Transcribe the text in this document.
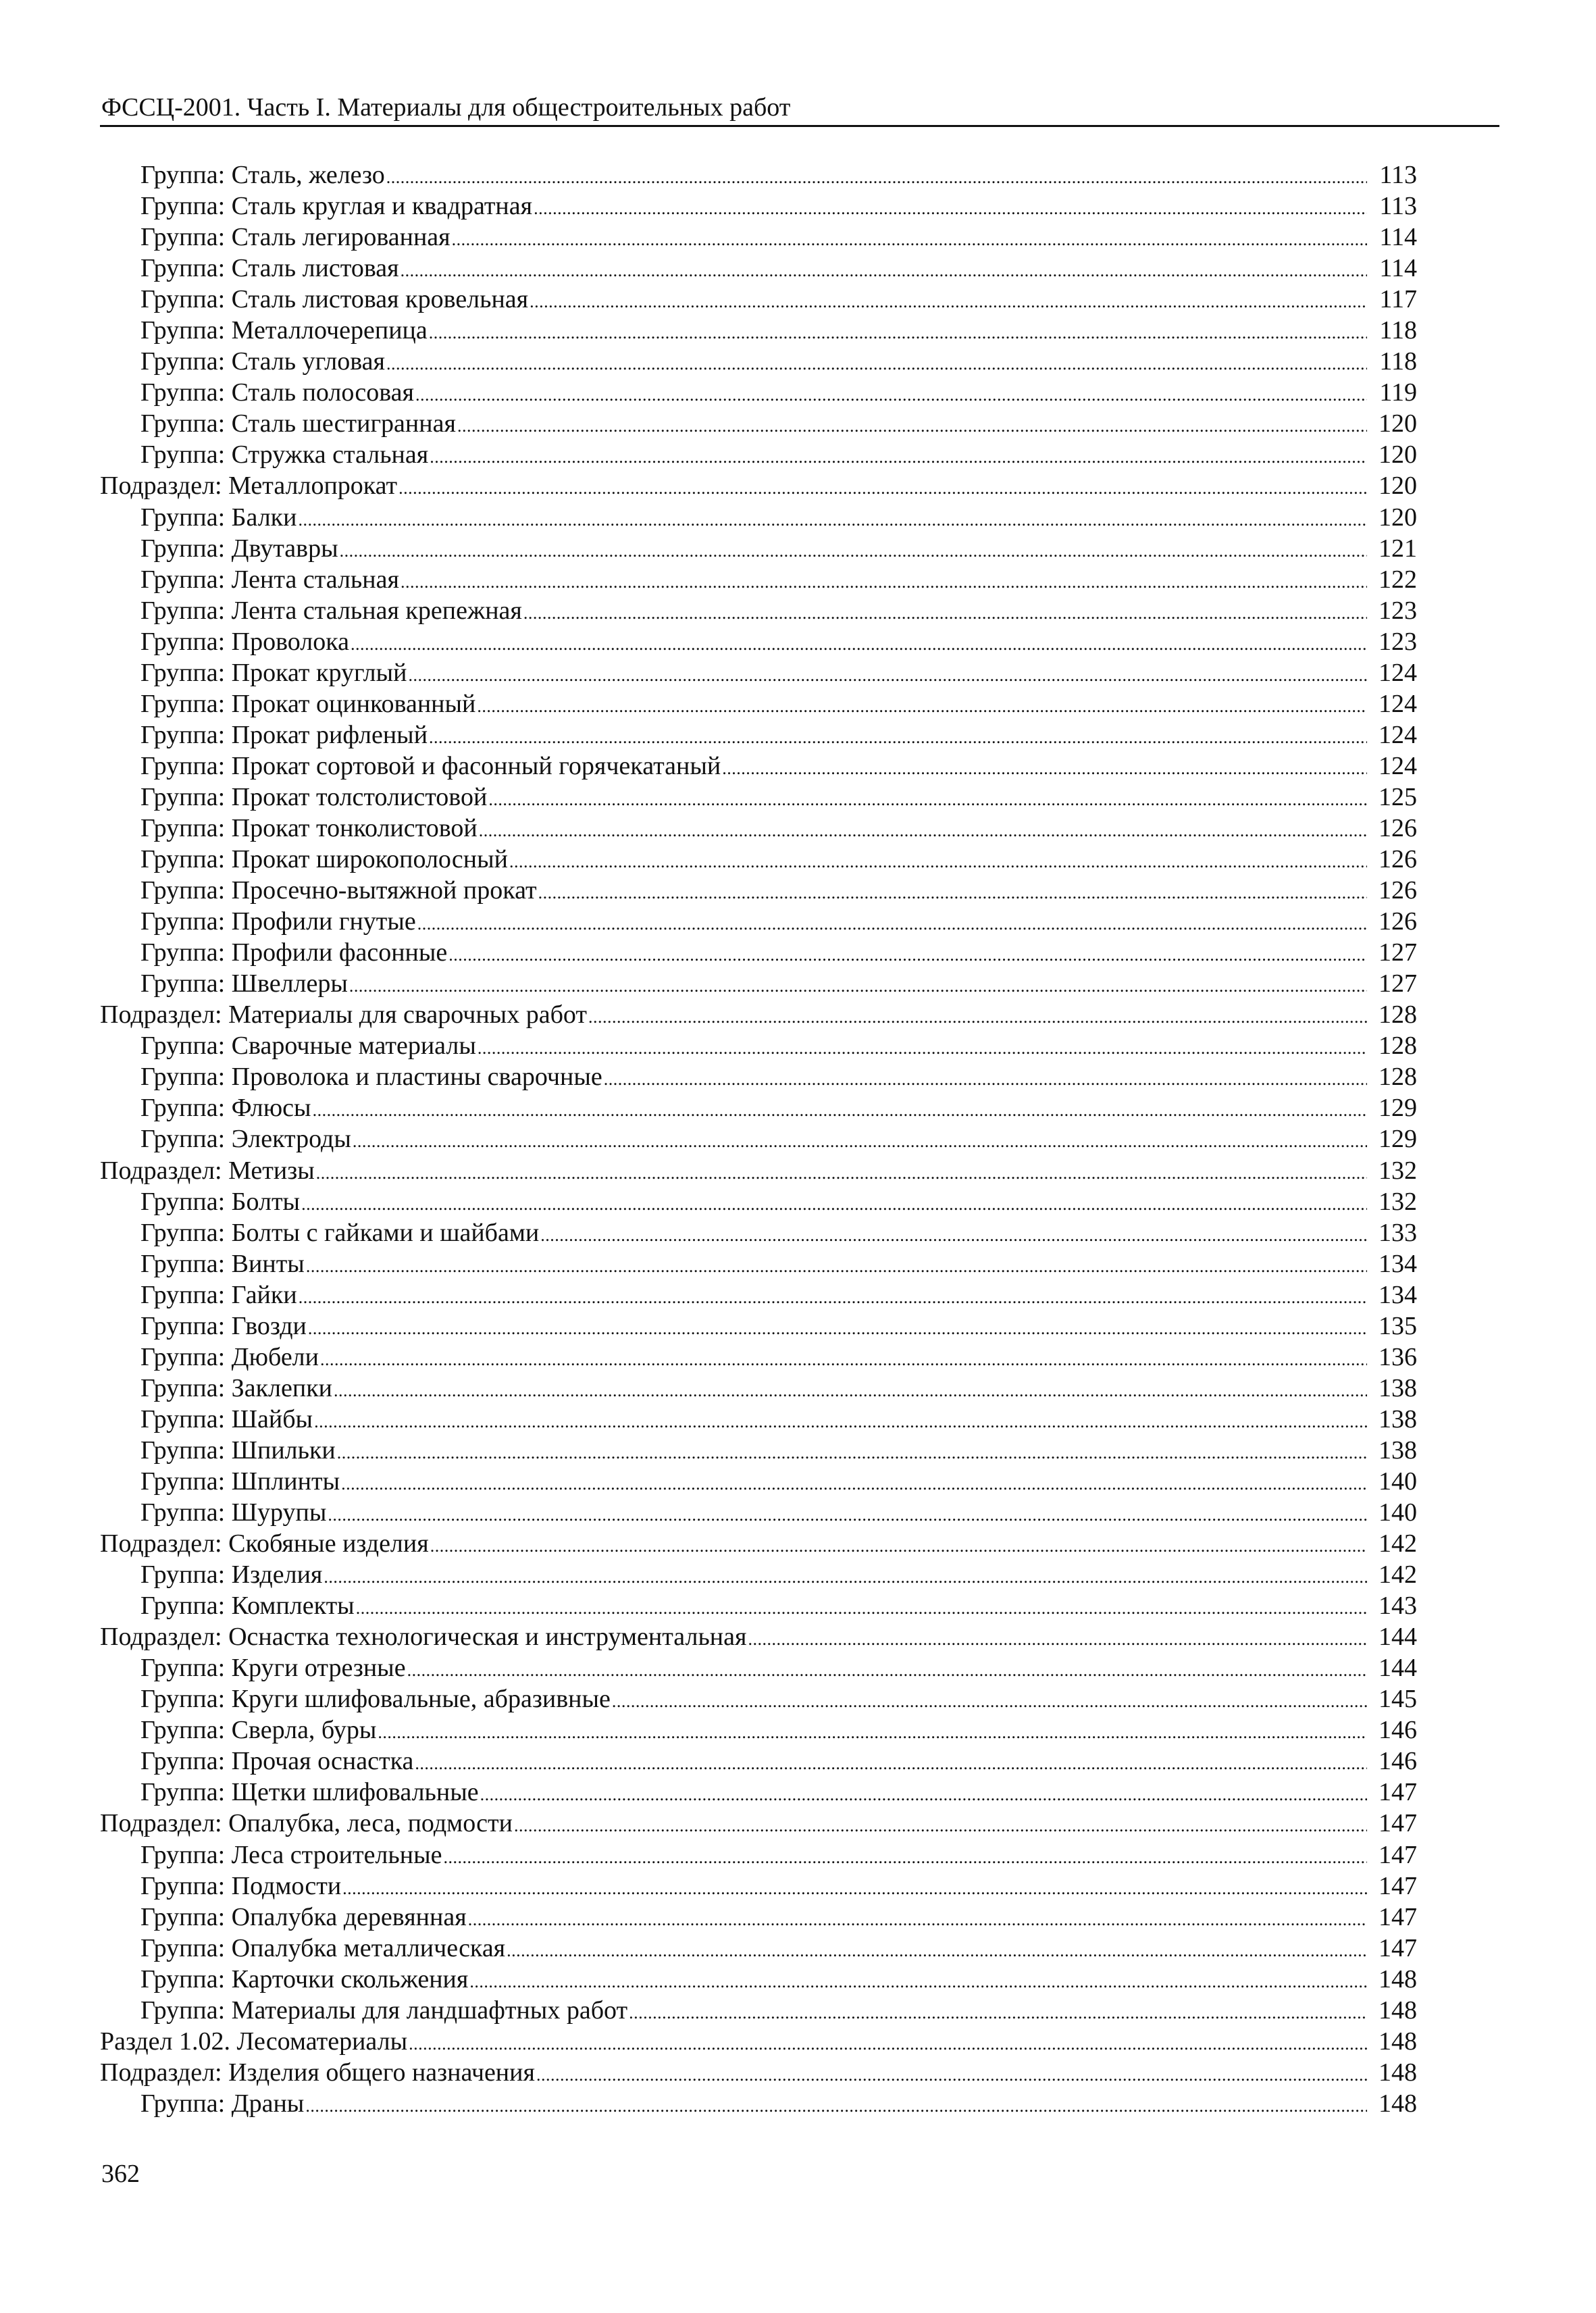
ФССЦ-2001. Часть I. Материалы для общестроительных работ
Группа: Сталь, железо .....	113
Группа: Сталь круглая и квадратная .....	113
Группа: Сталь легированная .....	114
Группа: Сталь листовая .....	114
Группа: Сталь листовая кровельная .....	117
Группа: Металлочерепица .....	118
Группа: Сталь угловая .....	118
Группа: Сталь полосовая .....	119
Группа: Сталь шестигранная .....	120
Группа: Стружка стальная .....	120
Подраздел: Металлопрокат .....	120
Группа: Балки .....	120
Группа: Двутавры .....	121
Группа: Лента стальная .....	122
Группа: Лента стальная крепежная .....	123
Группа: Проволока .....	123
Группа: Прокат круглый .....	124
Группа: Прокат оцинкованный .....	124
Группа: Прокат рифленый .....	124
Группа: Прокат сортовой и фасонный горячекатаный .....	124
Группа: Прокат толстолистовой .....	125
Группа: Прокат тонколистовой .....	126
Группа: Прокат широкополосный .....	126
Группа: Просечно-вытяжной прокат .....	126
Группа: Профили гнутые .....	126
Группа: Профили фасонные .....	127
Группа: Швеллеры .....	127
Подраздел: Материалы для сварочных работ .....	128
Группа: Сварочные материалы .....	128
Группа: Проволока и пластины сварочные .....	128
Группа: Флюсы .....	129
Группа: Электроды .....	129
Подраздел: Метизы .....	132
Группа: Болты .....	132
Группа: Болты с гайками и шайбами .....	133
Группа: Винты .....	134
Группа: Гайки .....	134
Группа: Гвозди .....	135
Группа: Дюбели .....	136
Группа: Заклепки .....	138
Группа: Шайбы .....	138
Группа: Шпильки .....	138
Группа: Шплинты .....	140
Группа: Шурупы .....	140
Подраздел: Скобяные изделия .....	142
Группа: Изделия .....	142
Группа: Комплекты .....	143
Подраздел: Оснастка технологическая и инструментальная .....	144
Группа: Круги отрезные .....	144
Группа: Круги шлифовальные, абразивные .....	145
Группа: Сверла, буры .....	146
Группа: Прочая оснастка .....	146
Группа: Щетки шлифовальные .....	147
Подраздел: Опалубка, леса, подмости .....	147
Группа: Леса строительные .....	147
Группа: Подмости .....	147
Группа: Опалубка деревянная .....	147
Группа: Опалубка металлическая .....	147
Группа: Карточки скольжения .....	148
Группа: Материалы для ландшафтных работ .....	148
Раздел 1.02. Лесоматериалы .....	148
Подраздел: Изделия общего назначения .....	148
Группа: Драны .....	148
362
